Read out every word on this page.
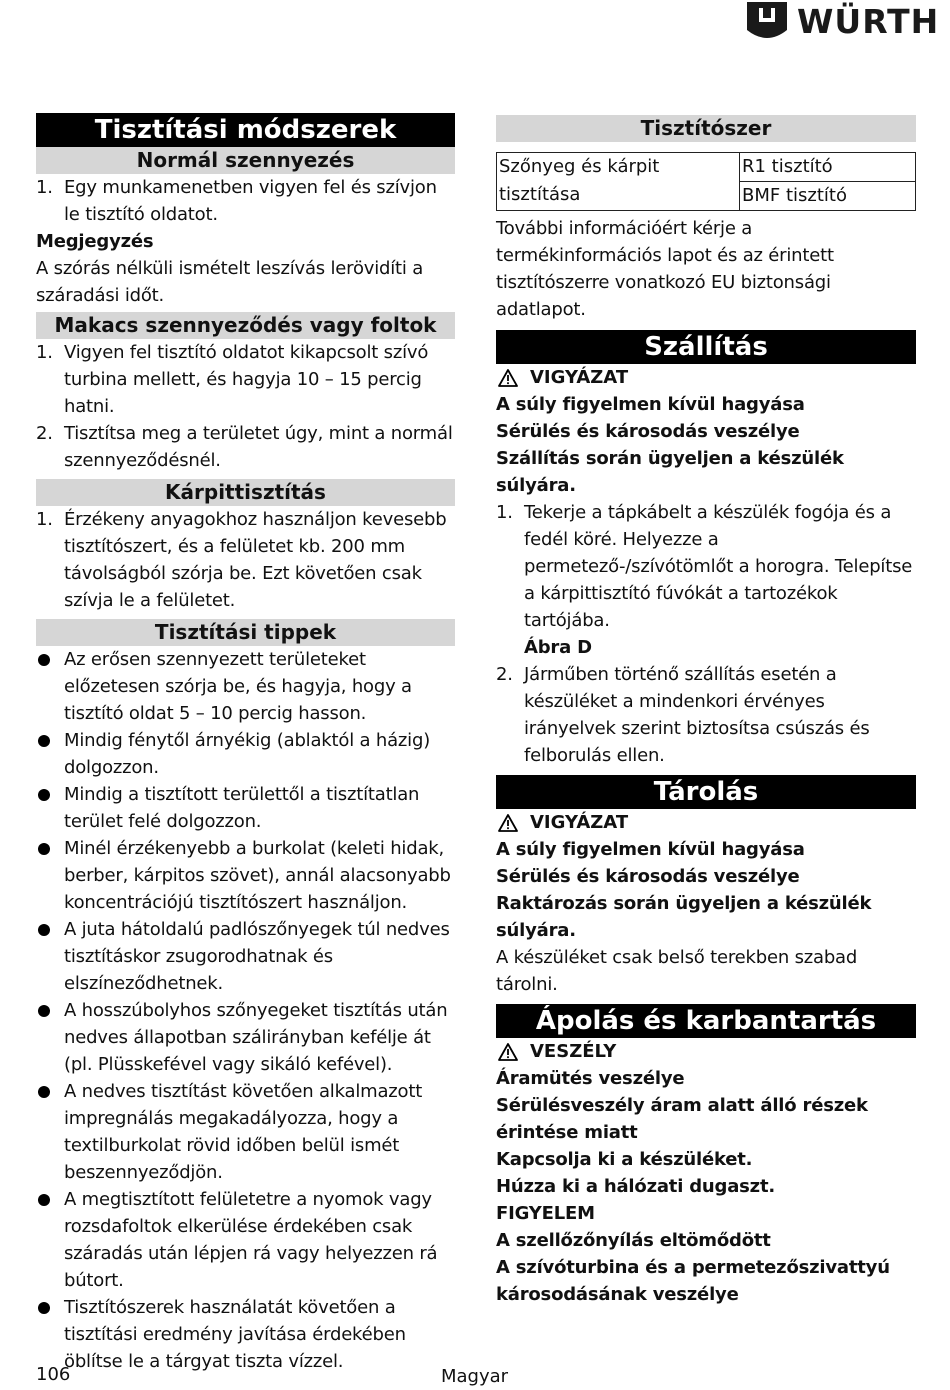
WÜRTH
Tisztítási módszerek
Normál szennyezés
1. Egy munkamenetben vigyen fel és szívjon le tisztító oldatot.
Megjegyzés
A szórás nélküli ismételt leszívás lerövidíti a száradási időt.
Makacs szennyeződés vagy foltok
1. Vigyen fel tisztító oldatot kikapcsolt szívó turbina mellett, és hagyja 10 – 15 percig hatni.
2. Tisztítsa meg a területet úgy, mint a normál szennyeződésnél.
Kárpittisztítás
1. Érzékeny anyagokhoz használjon kevesebb tisztítószert, és a felületet kb. 200 mm távolságból szórja be. Ezt követően csak szívja le a felületet.
Tisztítási tippek
Az erősen szennyezett területeket előzetesen szórja be, és hagyja, hogy a tisztító oldat 5 – 10 percig hasson.
Mindig fénytől árnyékig (ablaktól a házig) dolgozzon.
Mindig a tisztított területtől a tisztítatlan terület felé dolgozzon.
Minél érzékenyebb a burkolat (keleti hidak, berber, kárpitos szövet), annál alacsonyabb koncentrációjú tisztítószert használjon.
A juta hátoldalú padlószőnyegek túl nedves tisztításkor zsugorodhatnak és elszíneződhetnek.
A hosszúbolyhos szőnyegeket tisztítás után nedves állapotban szálirányban kefélje át (pl. Plüsskefével vagy sikáló kefével).
A nedves tisztítást követően alkalmazott impregnálás megakadályozza, hogy a textilburkolat rövid időben belül ismét beszennyeződjön.
A megtisztított felületetre a nyomok vagy rozsdafoltok elkerülése érdekében csak száradás után lépjen rá vagy helyezzen rá bútort.
Tisztítószerek használatát követően a tisztítási eredmény javítása érdekében öblítse le a tárgyat tiszta vízzel.
Tisztítószer
Szőnyeg és kárpit tisztítása	R1 tisztító
BMF tisztító
További információért kérje a termékinformációs lapot és az érintett tisztítószerre vonatkozó EU biztonsági adatlapot.
Szállítás
VIGYÁZAT
A súly figyelmen kívül hagyása
Sérülés és károsodás veszélye
Szállítás során ügyeljen a készülék súlyára.
1. Tekerje a tápkábelt a készülék fogója és a fedél köré. Helyezze a permetező-/szívótömlőt a horogra. Telepítse a kárpittisztító fúvókát a tartozékok tartójába.
Ábra D
2. Járműben történő szállítás esetén a készüléket a mindenkori érvényes irányelvek szerint biztosítsa csúszás és felborulás ellen.
Tárolás
VIGYÁZAT
A súly figyelmen kívül hagyása
Sérülés és károsodás veszélye
Raktározás során ügyeljen a készülék súlyára.
A készüléket csak belső terekben szabad tárolni.
Ápolás és karbantartás
VESZÉLY
Áramütés veszélye
Sérülésveszély áram alatt álló részek érintése miatt
Kapcsolja ki a készüléket.
Húzza ki a hálózati dugaszt.
FIGYELEM
A szellőzőnyílás eltömődött
A szívóturbina és a permetezőszivattyú károsodásának veszélye
106	Magyar
